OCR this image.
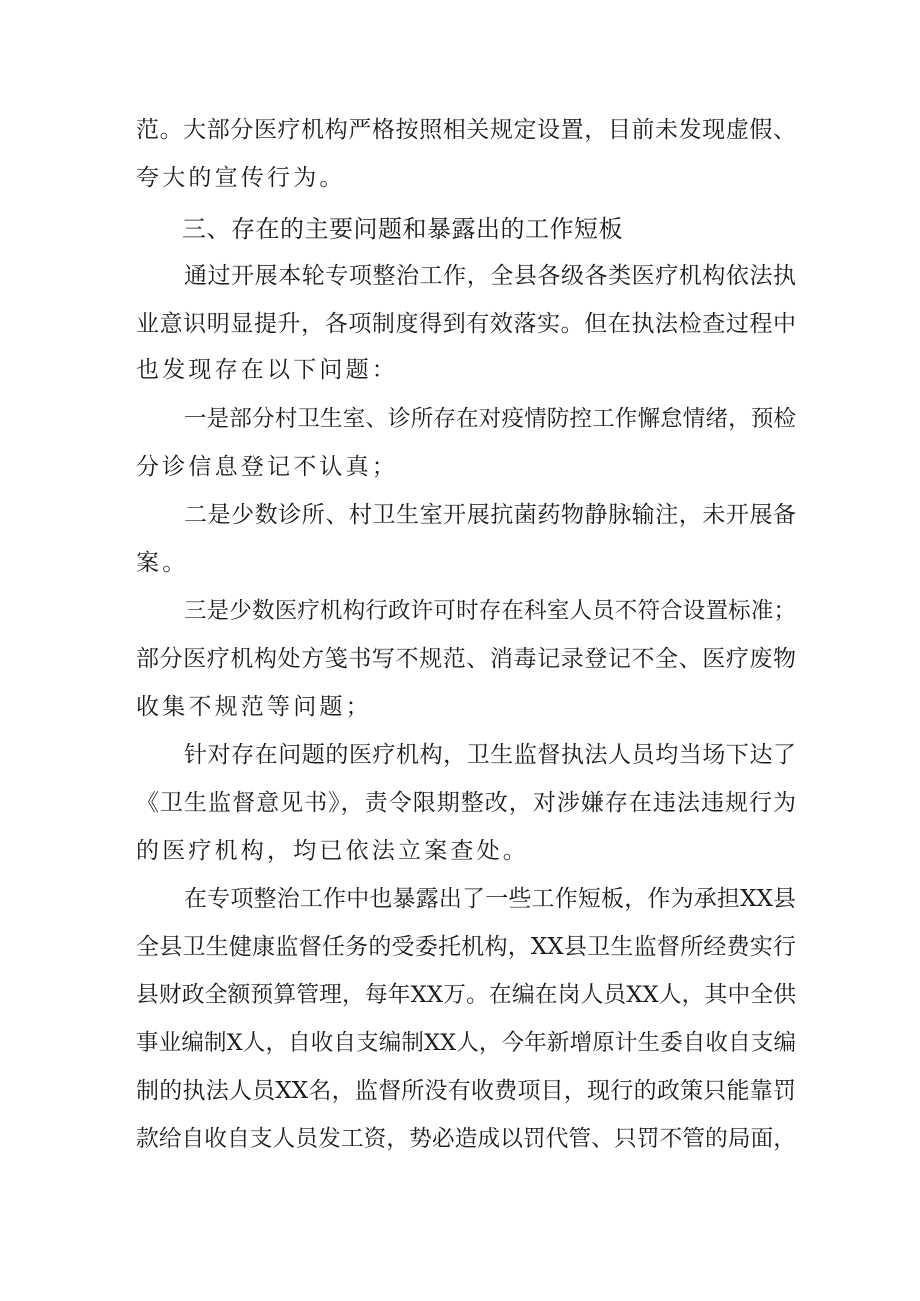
范。大部分医疗机构严格按照相关规定设置，目前未发现虚假、
夸大的宣传行为。
三、存在的主要问题和暴露出的工作短板
通过开展本轮专项整治工作，全县各级各类医疗机构依法执
业意识明显提升，各项制度得到有效落实。但在执法检查过程中
也发现存在以下问题：
一是部分村卫生室、诊所存在对疫情防控工作懈怠情绪，预检
分诊信息登记不认真；
二是少数诊所、村卫生室开展抗菌药物静脉输注，未开展备
案。
三是少数医疗机构行政许可时存在科室人员不符合设置标准；
部分医疗机构处方笺书写不规范、消毒记录登记不全、医疗废物
收集不规范等问题；
针对存在问题的医疗机构，卫生监督执法人员均当场下达了
《卫生监督意见书》，责令限期整改，对涉嫌存在违法违规行为
的医疗机构，均已依法立案查处。
在专项整治工作中也暴露出了一些工作短板，作为承担XX县
全县卫生健康监督任务的受委托机构，XX县卫生监督所经费实行
县财政全额预算管理，每年XX万。在编在岗人员XX人，其中全供
事业编制X人，自收自支编制XX人，今年新增原计生委自收自支编
制的执法人员XX名，监督所没有收费项目，现行的政策只能靠罚
款给自收自支人员发工资，势必造成以罚代管、只罚不管的局面，
